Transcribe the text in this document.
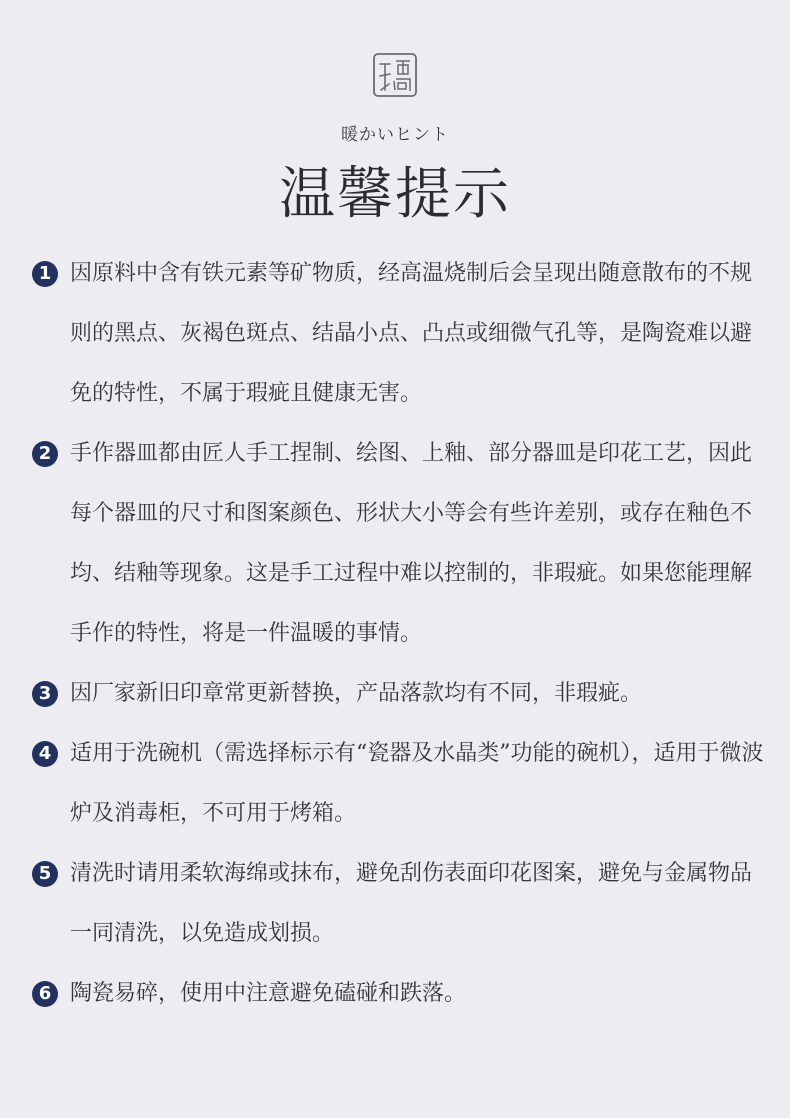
暖かいヒント
温馨提示
1 因原料中含有铁元素等矿物质，经高温烧制后会呈现出随意散布的不规则的黑点、灰褐色斑点、结晶小点、凸点或细微气孔等，是陶瓷难以避免的特性，不属于瑕疵且健康无害。
2 手作器皿都由匠人手工捏制、绘图、上釉、部分器皿是印花工艺，因此每个器皿的尺寸和图案颜色、形状大小等会有些许差别，或存在釉色不均、结釉等现象。这是手工过程中难以控制的，非瑕疵。如果您能理解手作的特性，将是一件温暖的事情。
3 因厂家新旧印章常更新替换，产品落款均有不同，非瑕疵。
4 适用于洗碗机（需选择标示有“瓷器及水晶类”功能的碗机），适用于微波炉及消毒柜，不可用于烤箱。
5 清洗时请用柔软海绵或抹布，避免刮伤表面印花图案，避免与金属物品一同清洗，以免造成划损。
6 陶瓷易碎，使用中注意避免磕碰和跌落。
